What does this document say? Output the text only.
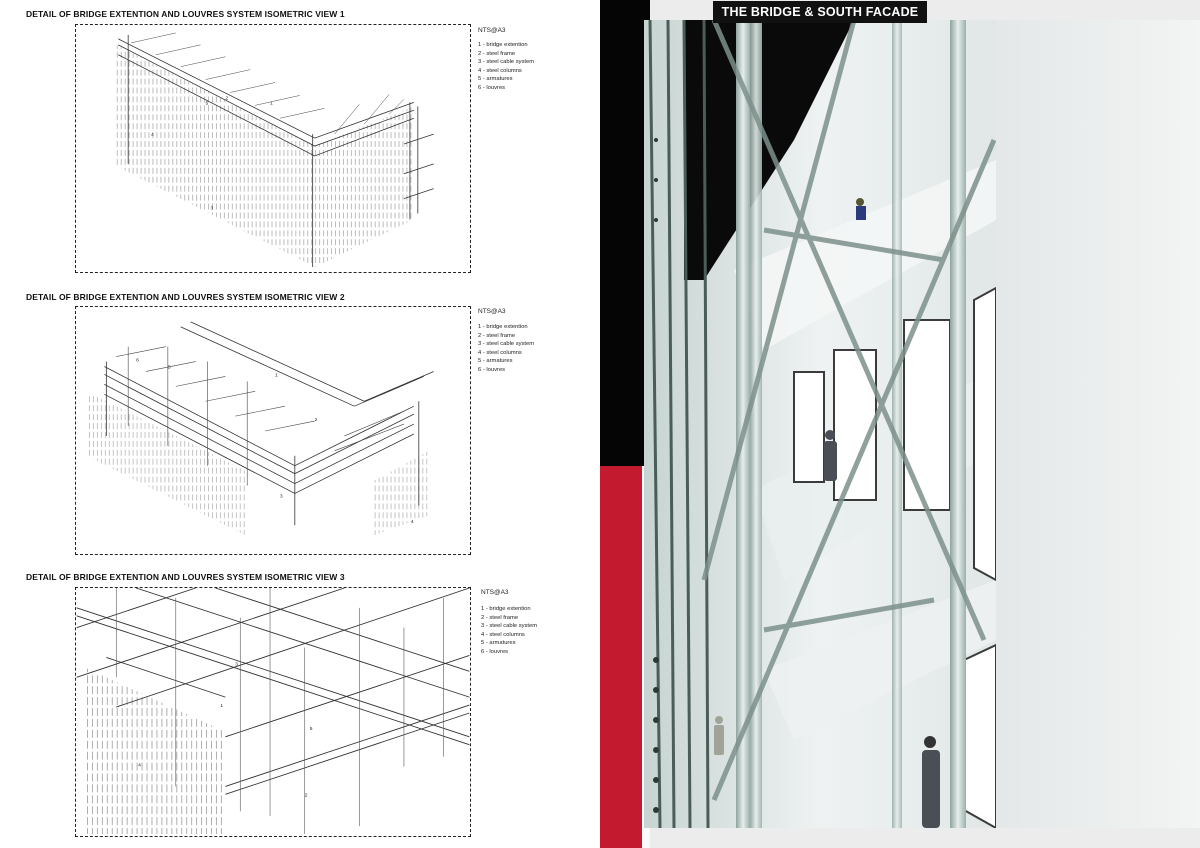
DETAIL OF BRIDGE EXTENTION AND LOUVRES SYSTEM ISOMETRIC VIEW 1
1
2
3
4
5
NTS@A3
1 - bridge extention
2 - steel frame
3 - steel cable system
4 - steel columns
5 - armatures
6 - louvres
DETAIL OF BRIDGE EXTENTION AND LOUVRES SYSTEM ISOMETRIC VIEW 2
1
2
3
4
5
6
NTS@A3
1 - bridge extention
2 - steel frame
3 - steel cable system
4 - steel columns
5 - armatures
6 - louvres
DETAIL OF BRIDGE EXTENTION AND LOUVRES SYSTEM ISOMETRIC VIEW 3
1
2
3
4
5
NTS@A3
1 - bridge extention
2 - steel frame
3 - steel cable system
4 - steel columns
5 - armatures
6 - louvres
THE BRIDGE & SOUTH FACADE
